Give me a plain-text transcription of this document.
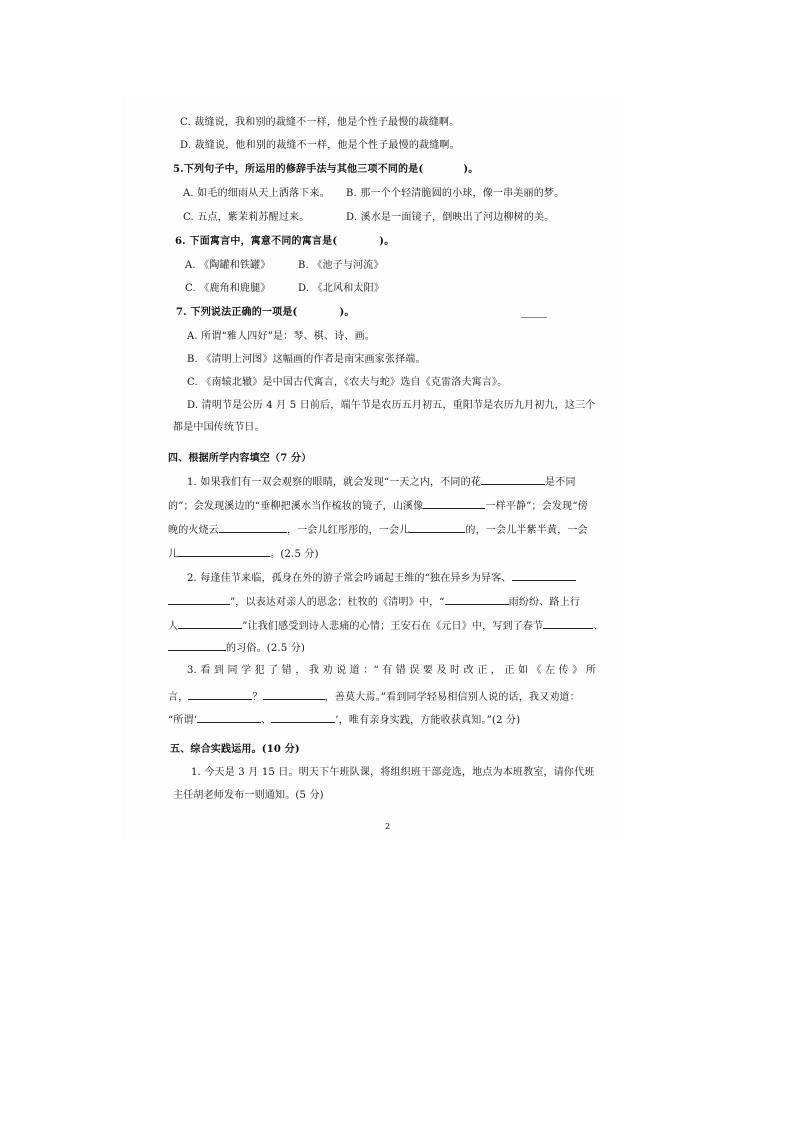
C. 裁缝说，我和别的裁缝不一样，他是个性子最慢的裁缝啊。
D. 裁缝说，他和别的裁缝不一样，他是个性子最慢的裁缝啊。
5.下列句子中，所运用的修辞手法与其他三项不同的是(	)。
A. 如毛的细雨从天上洒落下来。 B. 那一个个轻清脆圆的小球，像一串美丽的梦。
C. 五点，紫茉莉苏醒过来。	D. 溪水是一面镜子，倒映出了河边柳树的美。
6. 下面寓言中，寓意不同的寓言是(	)。
A. 《陶罐和铁罐》	B. 《池子与河流》
C. 《鹿角和鹿腿》	D. 《北风和太阳》
7. 下列说法正确的一项是(	)。
A. 所谓“雅人四好”是：琴、棋、诗、画。
B. 《清明上河图》这幅画的作者是南宋画家张择端。
C. 《南辕北辙》是中国古代寓言，《农夫与蛇》选自《克雷洛夫寓言》。
D. 清明节是公历 4 月 5 日前后，端午节是农历五月初五，重阳节是农历九月初九，这三个
都是中国传统节日。
四、根据所学内容填空（7 分）
1. 如果我们有一双会观察的眼睛，就会发现“一天之内，不同的花	是不同
的”；会发现溪边的“垂柳把溪水当作梳妆的镜子，山溪像	一样平静”；会发现“傍
晚的火烧云	，一会儿红彤彤的，一会儿	的，一会儿半紫半黄，一会
儿	。(2.5 分)
2. 每逢佳节来临，孤身在外的游子常会吟诵起王维的“独在异乡为异客、
”，以表达对亲人的思念；杜牧的《清明》中，“	雨纷纷、路上行
人	”让我们感受到诗人悲痛的心情；王安石在《元日》中，写到了春节	、
的习俗。(2.5 分)
3. 看 到 同 学 犯 了 错 ， 我 劝 说 道 ：“ 有 错 误 要 及 时 改 正 ， 正 如 《 左 传 》 所
言，	？	，善莫大焉。”看到同学轻易相信别人说的话，我又劝道：
“所谓‘	、	’，唯有亲身实践，方能收获真知。”(2 分)
五、综合实践运用。(10 分)
1. 今天是 3 月 15 日。明天下午班队课，将组织班干部竞选，地点为本班教室，请你代班
主任胡老师发布一则通知。(5 分)
2
